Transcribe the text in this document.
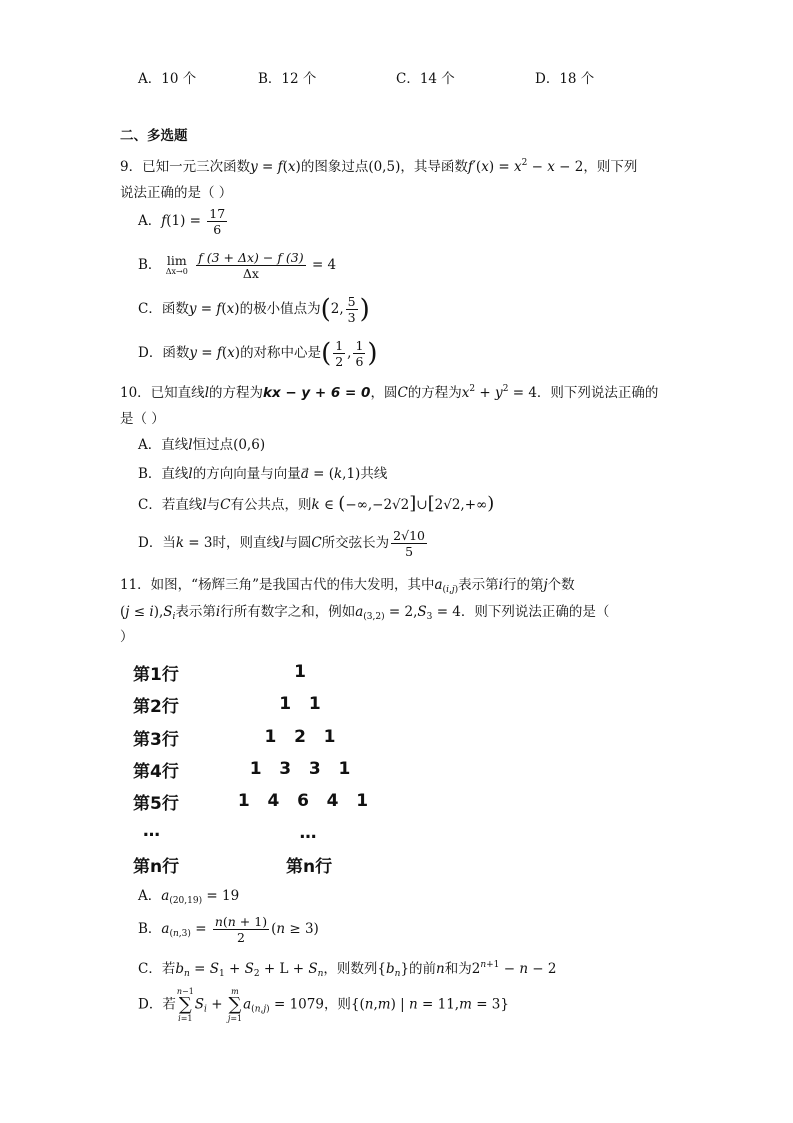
A．10 个	B．12 个	C．14 个	D．18 个
二、多选题
9．已知一元三次函数y = f(x)的图象过点(0,5)，其导函数$f'(x) = x^2 - x - 2$，则下列
说法正确的是（ ）
A．$f(1) = \frac{17}{6}$
B． lim
Δx→0
$\frac{f (3 + \Delta x) - f (3)}{\Delta x} = 4$
C．函数y = f(x)的极小值点为(2, $\frac{5}{3}$ )
D．函数y = f(x)的对称中心是( $\frac{1}{2}$ , $\frac{1}{6}$ )
10．已知直线l的方程为kx − y + 6 = 0，圆C的方程为$x^2 + y^2 = 4$．则下列说法正确的
是（ ）
A．直线l恒过点(0,6)
B．直线l的方向向量与向量a⃗ = (k,1)共线
C．若直线l与C有公共点，则k ∈ (−∞,−2√2]∪[2√2,+∞)
D．当k = 3时，则直线l与圆C所交弦长为 $\frac{2√10}{5}$
11．如图，“杨辉三角”是我国古代的伟大发明，其中$a_{(i,j)}$表示第i行的第j个数
$(j \le i),S_i$表示第i行所有数字之和，例如$a_{(3,2)} = 2,S_3 = 4$．则下列说法正确的是（
）
第1行	1
第2行	1   1
第3行	1   2   1
第4行	1   3   3   1
第5行	1   4   6   4   1
…	…
第n行	第n行
A．$a_{(20,19)} = 19$
B．$a_{(n,3)} = \frac{n(n + 1)}{2} (n \ge 3)$
C．若$b_n = S_1 + S_2 + L + S_n$，则数列$\{b_n\}$的前n和为$2^{n+1} - n - 2$
D．若
n−1
∑
i=1
$S_i$ +
m
∑
j=1
$a_{(n,j)} = 1079$，则{(n,m) | n = 11,m = 3}
